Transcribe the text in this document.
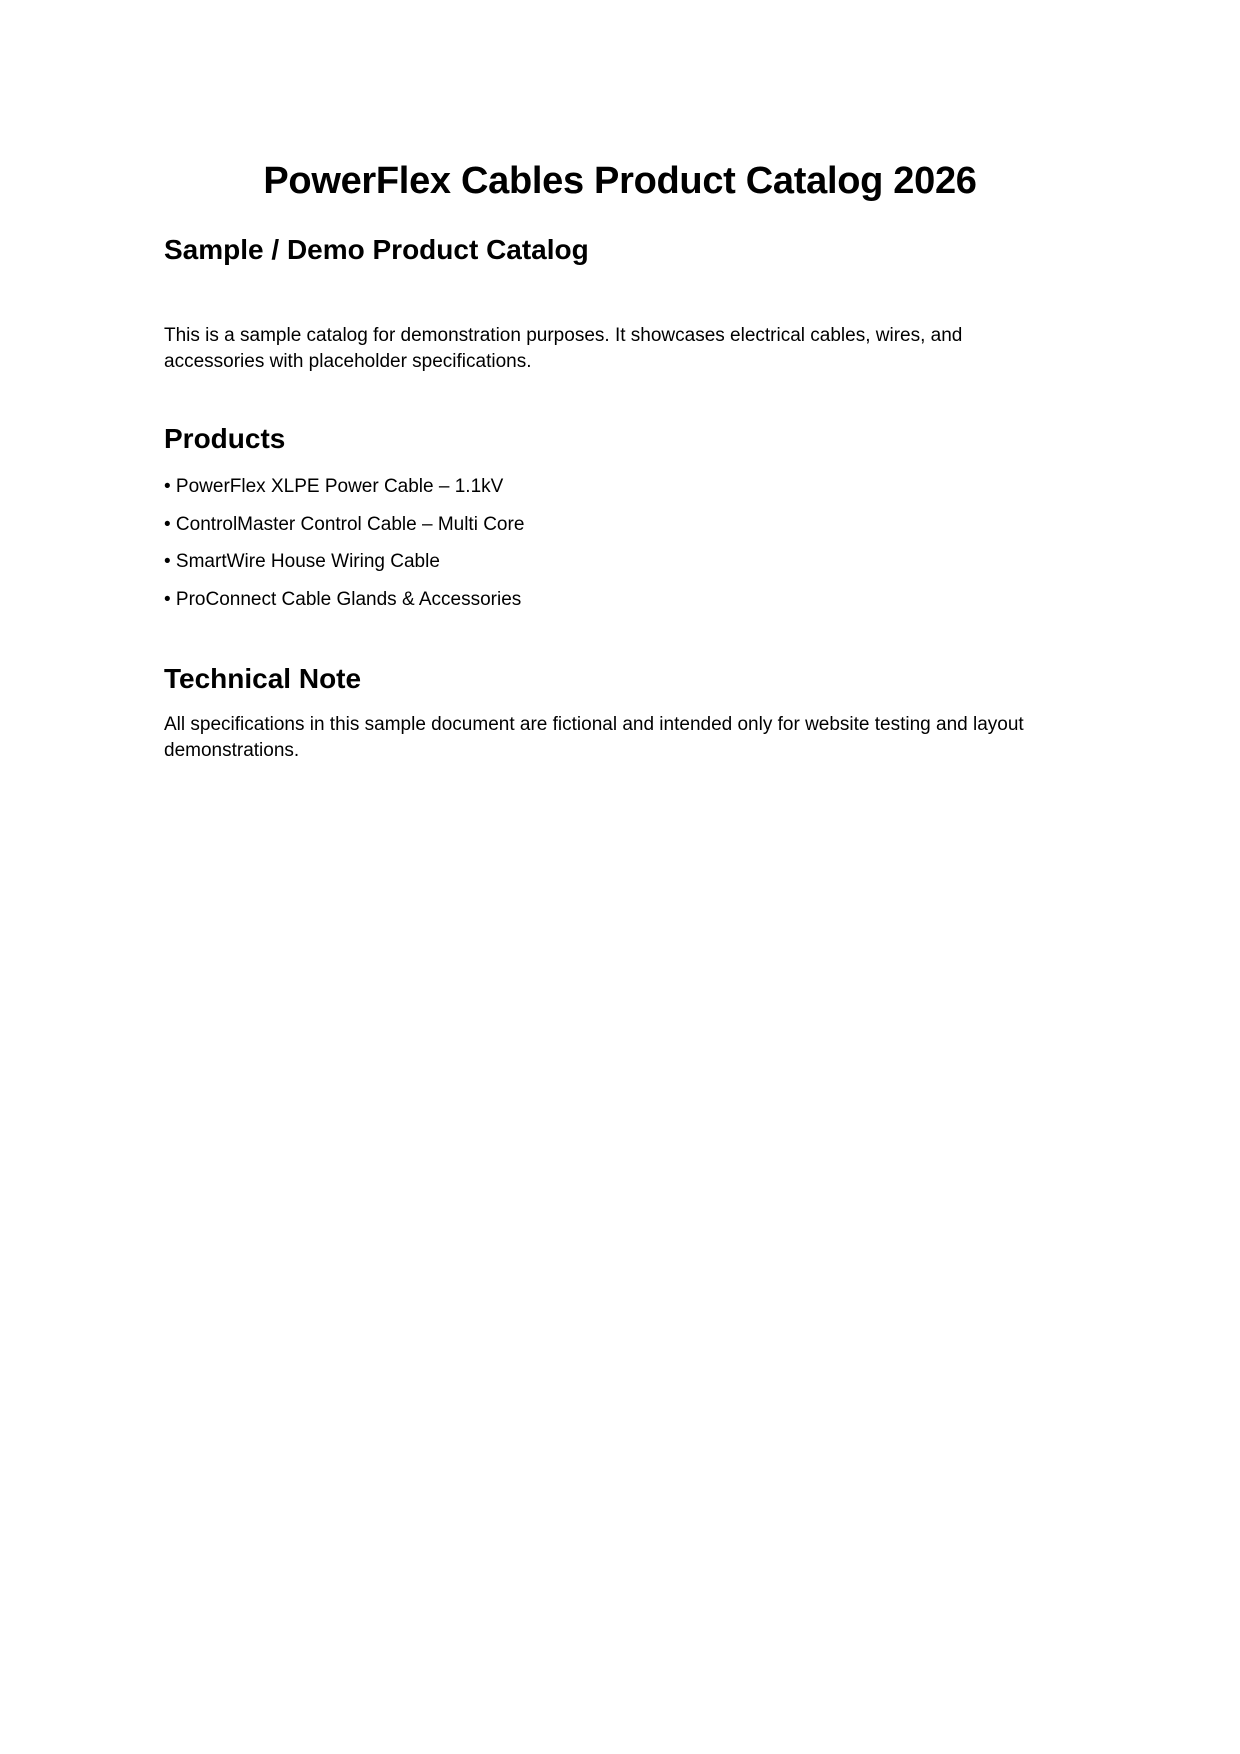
PowerFlex Cables Product Catalog 2026
Sample / Demo Product Catalog

This is a sample catalog for demonstration purposes. It showcases electrical cables, wires, and accessories with placeholder specifications.

Products
• PowerFlex XLPE Power Cable – 1.1kV
• ControlMaster Control Cable – Multi Core
• SmartWire House Wiring Cable
• ProConnect Cable Glands & Accessories
Technical Note

All specifications in this sample document are fictional and intended only for website testing and layout demonstrations.
